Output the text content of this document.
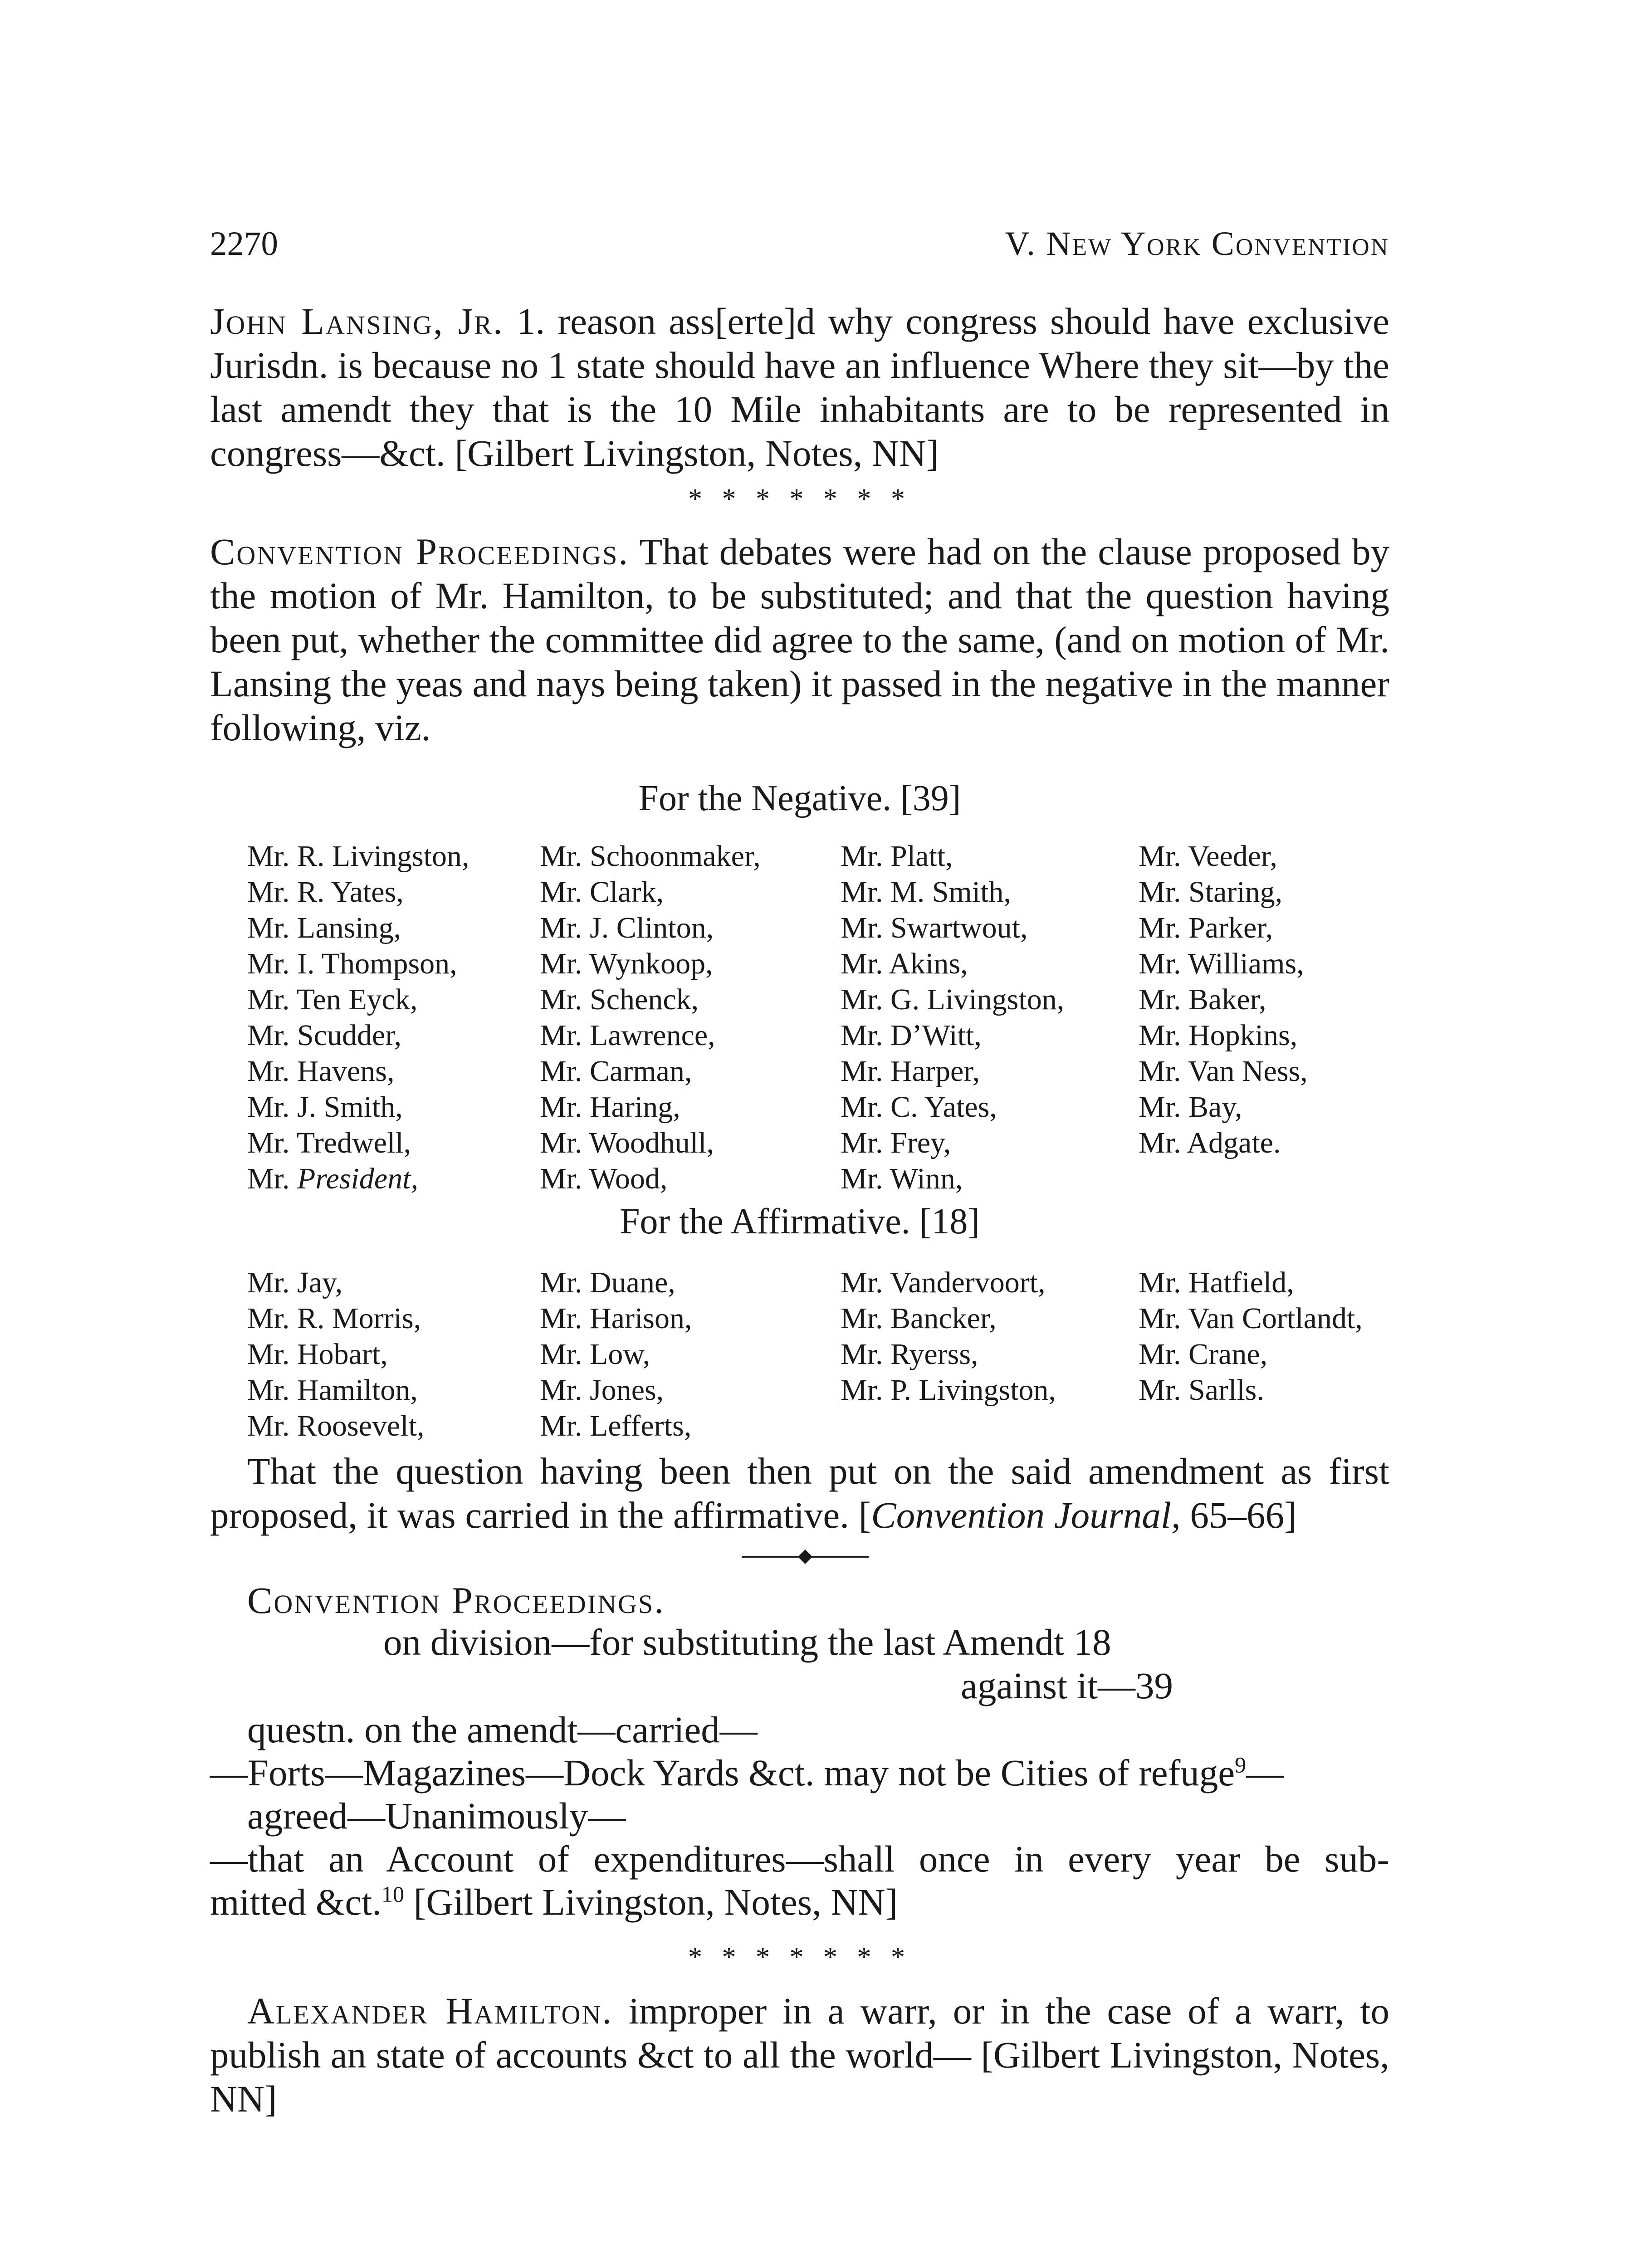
2270	V. New York Convention

John Lansing, Jr. 1. reason ass[erte]d why congress should have exclusive Jurisdn. is because no 1 state should have an influence Where they sit—by the last amendt they that is the 10 Mile inhabitants are to be represented in congress—&ct. [Gilbert Livingston, Notes, NN]

* * * * * * *

Convention Proceedings. That debates were had on the clause proposed by the motion of Mr. Hamilton, to be substituted; and that the question having been put, whether the committee did agree to the same, (and on motion of Mr. Lansing the yeas and nays being taken) it passed in the negative in the manner following, viz.

For the Negative. [39]
Mr. R. Livingston,
Mr. R. Yates,
Mr. Lansing,
Mr. I. Thompson,
Mr. Ten Eyck,
Mr. Scudder,
Mr. Havens,
Mr. J. Smith,
Mr. Tredwell,
Mr. President,
Mr. Schoonmaker,
Mr. Clark,
Mr. J. Clinton,
Mr. Wynkoop,
Mr. Schenck,
Mr. Lawrence,
Mr. Carman,
Mr. Haring,
Mr. Woodhull,
Mr. Wood,
Mr. Platt,
Mr. M. Smith,
Mr. Swartwout,
Mr. Akins,
Mr. G. Livingston,
Mr. D’Witt,
Mr. Harper,
Mr. C. Yates,
Mr. Frey,
Mr. Winn,
Mr. Veeder,
Mr. Staring,
Mr. Parker,
Mr. Williams,
Mr. Baker,
Mr. Hopkins,
Mr. Van Ness,
Mr. Bay,
Mr. Adgate.
For the Affirmative. [18]
Mr. Jay,
Mr. R. Morris,
Mr. Hobart,
Mr. Hamilton,
Mr. Roosevelt,
Mr. Duane,
Mr. Harison,
Mr. Low,
Mr. Jones,
Mr. Lefferts,
Mr. Vandervoort,
Mr. Bancker,
Mr. Ryerss,
Mr. P. Livingston,
Mr. Hatfield,
Mr. Van Cortlandt,
Mr. Crane,
Mr. Sarlls.

That the question having been then put on the said amendment as first proposed, it was carried in the affirmative. [Convention Journal, 65–66]

Convention Proceedings.
on division—for substituting the last Amendt 18
against it—39
questn. on the amendt—carried—
—Forts—Magazines—Dock Yards &ct. may not be Cities of refuge$^9$—
agreed—Unanimously—
—that an Account of expenditures—shall once in every year be sub-
mitted &ct.$^{10}$ [Gilbert Livingston, Notes, NN]
* * * * * * *

Alexander Hamilton. improper in a warr, or in the case of a warr, to publish an state of accounts &ct to all the world— [Gilbert Livingston, Notes, NN]
